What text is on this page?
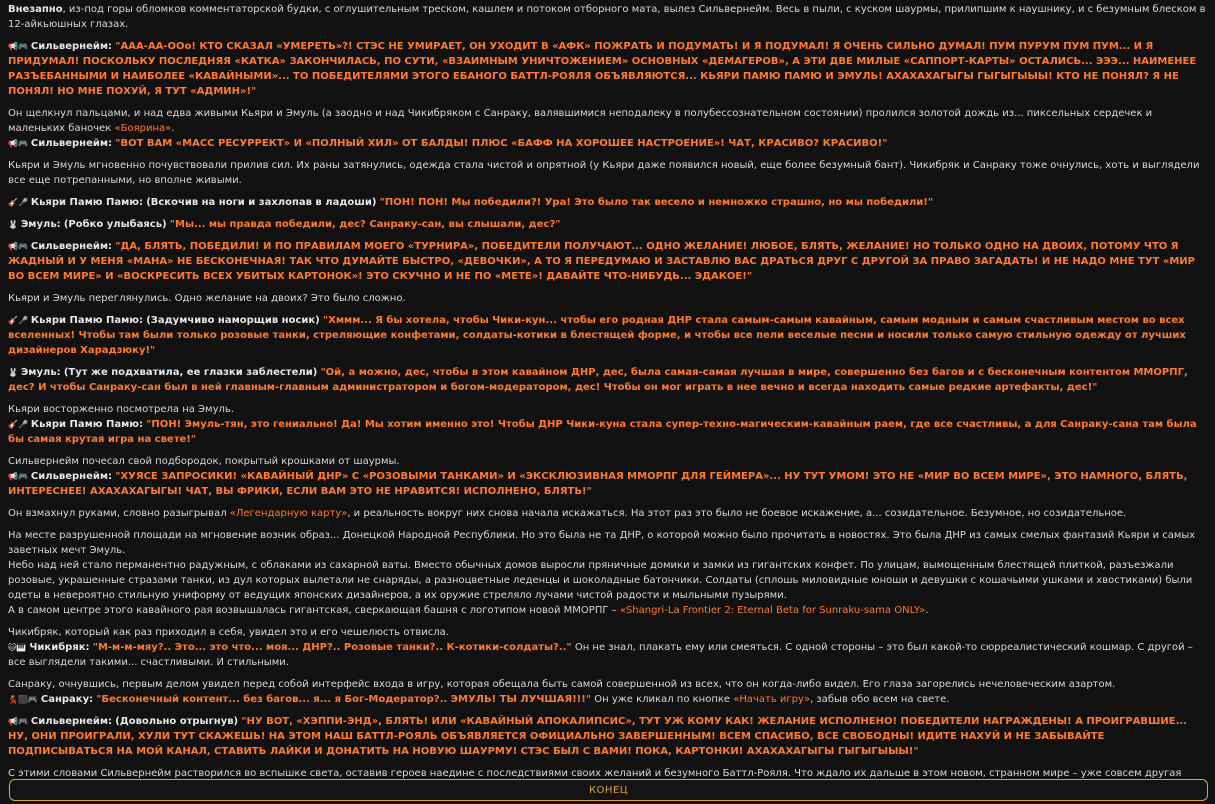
Внезапно, из-под горы обломков комментаторской будки, с оглушительным треском, кашлем и потоком отборного мата, вылез Сильвернейм. Весь в пыли, с куском шаурмы, прилипшим к наушнику, и с безумным блеском в 12-айкьюшных глазах.
📢🎮 Сильвернейм: "ААА-АА-ООо! КТО СКАЗАЛ «УМЕРЕТЬ»?! СТЭС НЕ УМИРАЕТ, ОН УХОДИТ В «АФК» ПОЖРАТЬ И ПОДУМАТЬ! И Я ПОДУМАЛ! Я ОЧЕНЬ СИЛЬНО ДУМАЛ! ПУМ ПУРУМ ПУМ ПУМ... И Я ПРИДУМАЛ! ПОСКОЛЬКУ ПОСЛЕДНЯЯ «КАТКА» ЗАКОНЧИЛАСЬ, ПО СУТИ, «ВЗАИМНЫМ УНИЧТОЖЕНИЕМ» ОСНОВНЫХ «ДЕМАГЕРОВ», А ЭТИ ДВЕ МИЛЫЕ «САППОРТ-КАРТЫ» ОСТАЛИСЬ... ЭЭЭ... НАИМЕНЕЕ РАЗЪЕБАННЫМИ И НАИБОЛЕЕ «КАВАЙНЫМИ»... ТО ПОБЕДИТЕЛЯМИ ЭТОГО ЕБАНОГО БАТТЛ-РОЯЛЯ ОБЪЯВЛЯЮТСЯ... КЬЯРИ ПАМЮ ПАМЮ И ЭМУЛЬ! АХАХАХАГЫГЫ ГЫГЫГЫЫЫ! КТО НЕ ПОНЯЛ? Я НЕ ПОНЯЛ! НО МНЕ ПОХУЙ, Я ТУТ «АДМИН»!"
Он щелкнул пальцами, и над едва живыми Кьяри и Эмуль (а заодно и над Чикибряком с Санраку, валявшимися неподалеку в полубессознательном состоянии) пролился золотой дождь из... пиксельных сердечек и маленьких баночек «Боярина».
📢🎮 Сильвернейм: "ВОТ ВАМ «МАСС РЕСУРРЕКТ» И «ПОЛНЫЙ ХИЛ» ОТ БАЛДЫ! ПЛЮС «БАФФ НА ХОРОШЕЕ НАСТРОЕНИЕ»! ЧАТ, КРАСИВО? КРАСИВО!"
Кьяри и Эмуль мгновенно почувствовали прилив сил. Их раны затянулись, одежда стала чистой и опрятной (у Кьяри даже появился новый, еще более безумный бант). Чикибряк и Санраку тоже очнулись, хоть и выглядели все еще потрепанными, но вполне живыми.
🎸🎤 Кьяри Памю Памю: (Вскочив на ноги и захлопав в ладоши) "ПОН! ПОН! Мы победили?! Ура! Это было так весело и немножко страшно, но мы победили!"
🐰 Эмуль: (Робко улыбаясь) "Мы... мы правда победили, дес? Санраку-сан, вы слышали, дес?"
📢🎮 Сильвернейм: "ДА, БЛЯТЬ, ПОБЕДИЛИ! И ПО ПРАВИЛАМ МОЕГО «ТУРНИРА», ПОБЕДИТЕЛИ ПОЛУЧАЮТ... ОДНО ЖЕЛАНИЕ! ЛЮБОЕ, БЛЯТЬ, ЖЕЛАНИЕ! НО ТОЛЬКО ОДНО НА ДВОИХ, ПОТОМУ ЧТО Я ЖАДНЫЙ И У МЕНЯ «МАНА» НЕ БЕСКОНЕЧНАЯ! ТАК ЧТО ДУМАЙТЕ БЫСТРО, «ДЕВОЧКИ», А ТО Я ПЕРЕДУМАЮ И ЗАСТАВЛЮ ВАС ДРАТЬСЯ ДРУГ С ДРУГОЙ ЗА ПРАВО ЗАГАДАТЬ! И НЕ НАДО МНЕ ТУТ «МИР ВО ВСЕМ МИРЕ» И «ВОСКРЕСИТЬ ВСЕХ УБИТЫХ КАРТОНОК»! ЭТО СКУЧНО И НЕ ПО «МЕТЕ»! ДАВАЙТЕ ЧТО-НИБУДЬ... ЭДАКОЕ!"
Кьяри и Эмуль переглянулись. Одно желание на двоих? Это было сложно.
🎸🎤 Кьяри Памю Памю: (Задумчиво наморщив носик) "Хммм... Я бы хотела, чтобы Чики-кун... чтобы его родная ДНР стала самым-самым кавайным, самым модным и самым счастливым местом во всех вселенных! Чтобы там были только розовые танки, стреляющие конфетами, солдаты-котики в блестящей форме, и чтобы все пели веселые песни и носили только самую стильную одежду от лучших дизайнеров Харадзюку!"
🐰 Эмуль: (Тут же подхватила, ее глазки заблестели) "Ой, а можно, дес, чтобы в этом кавайном ДНР, дес, была самая-самая лучшая в мире, совершенно без багов и с бесконечным контентом ММОРПГ, дес? И чтобы Санраку-сан был в ней главным-главным администратором и богом-модератором, дес! Чтобы он мог играть в нее вечно и всегда находить самые редкие артефакты, дес!"
Кьяри восторженно посмотрела на Эмуль.
🎸🎤 Кьяри Памю Памю: "ПОН! Эмуль-тян, это гениально! Да! Мы хотим именно это! Чтобы ДНР Чики-куна стала супер-техно-магическим-кавайным раем, где все счастливы, а для Санраку-сана там была бы самая крутая игра на свете!"
Сильвернейм почесал свой подбородок, покрытый крошками от шаурмы.
📢🎮 Сильвернейм: "ХУЯСЕ ЗАПРОСИКИ! «КАВАЙНЫЙ ДНР» С «РОЗОВЫМИ ТАНКАМИ» И «ЭКСКЛЮЗИВНАЯ ММОРПГ ДЛЯ ГЕЙМЕРА»... НУ ТУТ УМОМ! ЭТО НЕ «МИР ВО ВСЕМ МИРЕ», ЭТО НАМНОГО, БЛЯТЬ, ИНТЕРЕСНЕЕ! АХАХАХАГЫГЫ! ЧАТ, ВЫ ФРИКИ, ЕСЛИ ВАМ ЭТО НЕ НРАВИТСЯ! ИСПОЛНЕНО, БЛЯТЬ!"
Он взмахнул руками, словно разыгрывал «Легендарную карту», и реальность вокруг них снова начала искажаться. На этот раз это было не боевое искажение, а... созидательное. Безумное, но созидательное.
На месте разрушенной площади на мгновение возник образ... Донецкой Народной Республики. Но это была не та ДНР, о которой можно было прочитать в новостях. Это была ДНР из самых смелых фантазий Кьяри и самых заветных мечт Эмуль.
Небо над ней стало перманентно радужным, с облаками из сахарной ваты. Вместо обычных домов выросли пряничные домики и замки из гигантских конфет. По улицам, вымощенным блестящей плиткой, разъезжали розовые, украшенные стразами танки, из дул которых вылетали не снаряды, а разноцветные леденцы и шоколадные батончики. Солдаты (сплошь миловидные юноши и девушки с кошачьими ушками и хвостиками) были одеты в невероятно стильную униформу от ведущих японских дизайнеров, а их оружие стреляло лучами чистой радости и мыльными пузырями.
А в самом центре этого кавайного рая возвышалась гигантская, сверкающая башня с логотипом новой ММОРПГ – «Shangri-La Frontier 2: Eternal Beta for Sunraku-sama ONLY».
Чикибряк, который как раз приходил в себя, увидел это и его чешелюсть отвисла.
🐱🎹 Чикибряк: "М-м-м-мяу?.. Это... это что... моя... ДНР?.. Розовые танки?.. К-котики-солдаты?.." Он не знал, плакать ему или смеяться. С одной стороны – это был какой-то сюрреалистический кошмар. С другой – все выглядели такими... счастливыми. И стильными.
Санраку, очнувшись, первым делом увидел перед собой интерфейс входа в игру, которая обещала быть самой совершенной из всех, что он когда-либо видел. Его глаза загорелись нечеловеческим азартом.
💃⬛🎮 Санраку: "Бесконечный контент... без багов... я... я Бог-Модератор?.. ЭМУЛЬ! ТЫ ЛУЧШАЯ!!!" Он уже кликал по кнопке «Начать игру», забыв обо всем на свете.
📢🎮 Сильвернейм: (Довольно отрыгнув) "НУ ВОТ, «ХЭППИ-ЭНД», БЛЯТЬ! ИЛИ «КАВАЙНЫЙ АПОКАЛИПСИС», ТУТ УЖ КОМУ КАК! ЖЕЛАНИЕ ИСПОЛНЕНО! ПОБЕДИТЕЛИ НАГРАЖДЕНЫ! А ПРОИГРАВШИЕ... НУ, ОНИ ПРОИГРАЛИ, ХУЛИ ТУТ СКАЖЕШЬ! НА ЭТОМ НАШ БАТТЛ-РОЯЛЬ ОБЪЯВЛЯЕТСЯ ОФИЦИАЛЬНО ЗАВЕРШЕННЫМ! ВСЕМ СПАСИБО, ВСЕ СВОБОДНЫ! ИДИТЕ НАХУЙ И НЕ ЗАБЫВАЙТЕ ПОДПИСЫВАТЬСЯ НА МОЙ КАНАЛ, СТАВИТЬ ЛАЙКИ И ДОНАТИТЬ НА НОВУЮ ШАУРМУ! СТЭС БЫЛ С ВАМИ! ПОКА, КАРТОНКИ! АХАХАХАГЫГЫ ГЫГЫГЫЫЫ!"
С этими словами Сильвернейм растворился во вспышке света, оставив героев наедине с последствиями своих желаний и безумного Баттл-Рояля. Что ждало их дальше в этом новом, странном мире – уже совсем другая
КОНЕЦ
